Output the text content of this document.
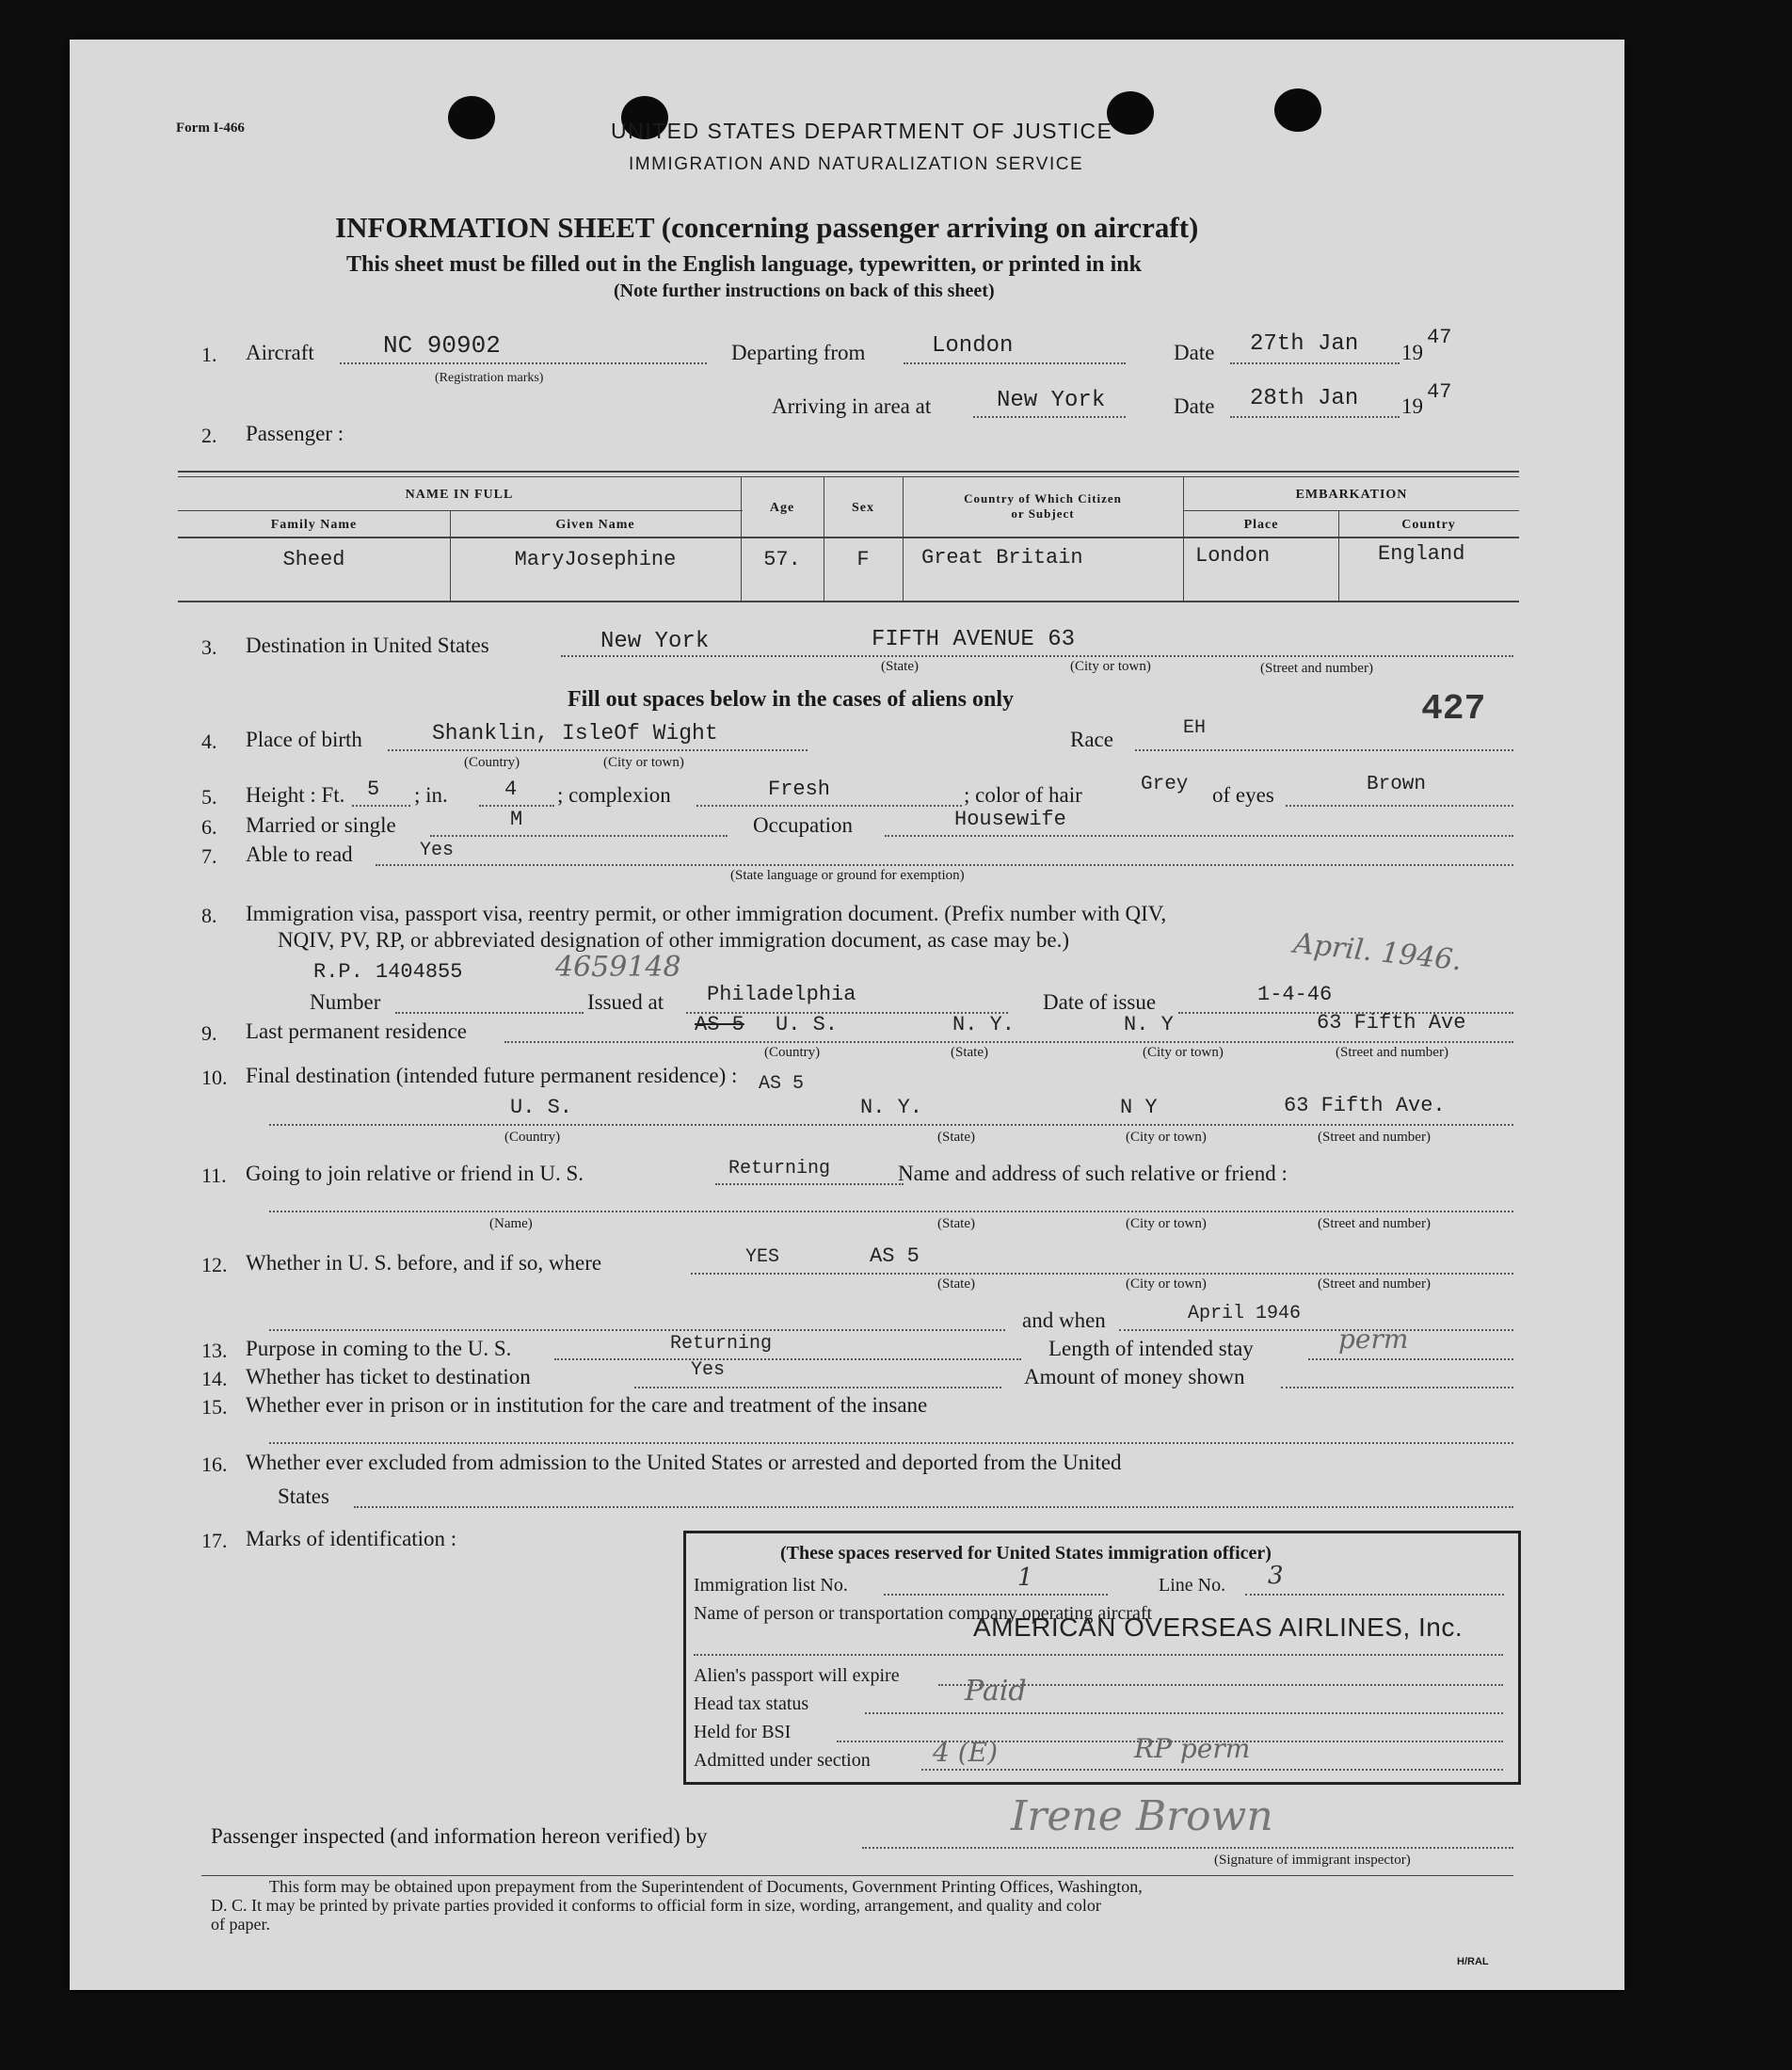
Form I-466	UNITED STATES DEPARTMENT OF JUSTICE
IMMIGRATION AND NATURALIZATION SERVICE
INFORMATION SHEET (concerning passenger arriving on aircraft)
This sheet must be filled out in the English language, typewritten, or printed in ink
(Note further instructions on back of this sheet)
1. Aircraft	NC 90902
(Registration marks)
Departing from	London	Date 27th Jan 19
47
Arriving in area at	New York	Date 28th Jan 19
47
2. Passenger :
NAME IN FULL
Family Name	Given Name
Age	Sex
Country of Which Citizen
or Subject
EMBARKATION
Place	Country
Sheed	MaryJosephine	57.	F	Great Britain	London	England
3. Destination in United States	New York	FIFTH AVENUE 63
(State)	(City or town)	(Street and number)
Fill out spaces below in the cases of aliens only	427
4. Place of birth	Shanklin, IsleOf Wight
(Country)	(City or town)
Race	EH
5. Height : Ft. 5 ; in.	4 ; complexion	Fresh	; color of hair	Grey of eyes	Brown
6. Married or single	M	Occupation	Housewife
7. Able to read	Yes
(State language or ground for exemption)
8. Immigration visa, passport visa, reentry permit, or other immigration document. (Prefix number with QIV,
NQIV, PV, RP, or abbreviated designation of other immigration document, as case may be.)
R.P. 1404855	4659148	April. 1946.
Number	Issued at Philadelphia	Date of issue	1-4-46
9. Last permanent residence	AS 5 U. S.	N. Y.	N. Y	63 Fifth Ave
(Country)	(State)	(City or town)	(Street and number)
10. Final destination (intended future permanent residence) : AS 5
U. S.	N. Y.	N Y	63 Fifth Ave.
(Country)	(State)	(City or town)	(Street and number)
11. Going to join relative or friend in U. S.	Returning	Name and address of such relative or friend :
(Name)	(State)	(City or town)	(Street and number)
12. Whether in U. S. before, and if so, where	YES	AS 5
(State)	(City or town)	(Street and number)
and when	April 1946
13. Purpose in coming to the U. S.	Returning	Length of intended stay	perm
14. Whether has ticket to destination	Yes	Amount of money shown
15. Whether ever in prison or in institution for the care and treatment of the insane
16. Whether ever excluded from admission to the United States or arrested and deported from the United
States
17. Marks of identification :
(These spaces reserved for United States immigration officer)
Immigration list No.	1	Line No. 3
Name of person or transportation company operating aircraft
AMERICAN OVERSEAS AIRLINES, Inc.
Alien's passport will expire
Head tax status	Paid
Held for BSI
Admitted under section 4 (E)	RP perm
Passenger inspected (and information hereon verified) by	Irene Brown
(Signature of immigrant inspector)
This form may be obtained upon prepayment from the Superintendent of Documents, Government Printing Offices, Washington,
D. C. It may be printed by private parties provided it conforms to official form in size, wording, arrangement, and quality and color
of paper.
H/RAL
